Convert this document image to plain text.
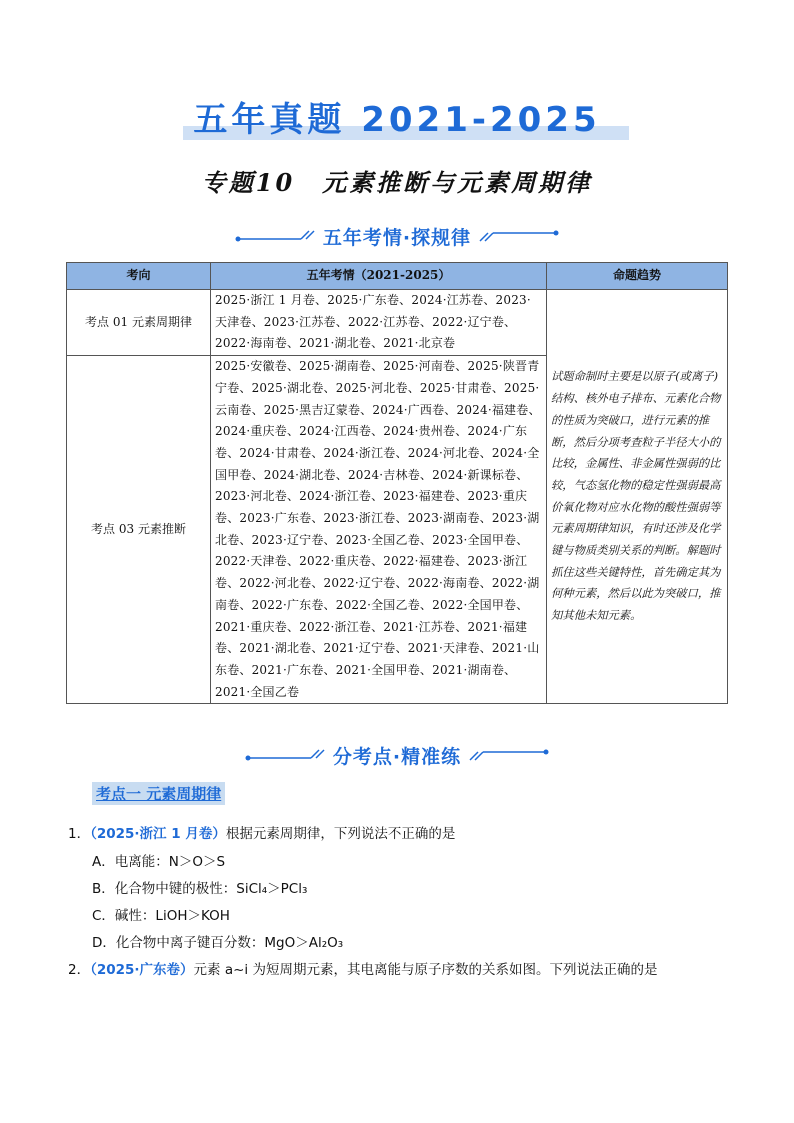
五年真题 2021-2025
专题10　元素推断与元素周期律
五年考情·探规律
考向	五年考情（2021-2025）	命题趋势
考点 01 元素周期律	2025·浙江 1 月卷、2025·广东卷、2024·江苏卷、2023·天津卷、2023·江苏卷、2022·江苏卷、2022·辽宁卷、2022·海南卷、2021·湖北卷、2021·北京卷	试题命制时主要是以原子(或离子)结构、核外电子排布、元素化合物的性质为突破口，进行元素的推断，然后分项考查粒子半径大小的比较，金属性、非金属性强弱的比较，气态氢化物的稳定性强弱最高价氧化物对应水化物的酸性强弱等元素周期律知识，有时还涉及化学键与物质类别关系的判断。解题时抓住这些关键特性，首先确定其为何种元素，然后以此为突破口，推知其他未知元素。
考点 03 元素推断	2025·安徽卷、2025·湖南卷、2025·河南卷、2025·陕晋青宁卷、2025·湖北卷、2025·河北卷、2025·甘肃卷、2025·云南卷、2025·黑吉辽蒙卷、2024·广西卷、2024·福建卷、2024·重庆卷、2024·江西卷、2024·贵州卷、2024·广东卷、2024·甘肃卷、2024·浙江卷、2024·河北卷、2024·全国甲卷、2024·湖北卷、2024·吉林卷、2024·新课标卷、2023·河北卷、2024·浙江卷、2023·福建卷、2023·重庆卷、2023·广东卷、2023·浙江卷、2023·湖南卷、2023·湖北卷、2023·辽宁卷、2023·全国乙卷、2023·全国甲卷、2022·天津卷、2022·重庆卷、2022·福建卷、2023·浙江卷、2022·河北卷、2022·辽宁卷、2022·海南卷、2022·湖南卷、2022·广东卷、2022·全国乙卷、2022·全国甲卷、2021·重庆卷、2022·浙江卷、2021·江苏卷、2021·福建卷、2021·湖北卷、2021·辽宁卷、2021·天津卷、2021·山东卷、2021·广东卷、2021·全国甲卷、2021·湖南卷、2021·全国乙卷	
分考点·精准练
考点一 元素周期律
1．（2025·浙江 1 月卷）根据元素周期律，下列说法不正确的是
A．电离能：N＞O＞S
B．化合物中键的极性：SiCl₄＞PCl₃
C．碱性：LiOH＞KOH
D．化合物中离子键百分数：MgO＞Al₂O₃
2．（2025·广东卷）元素 a~i 为短周期元素，其电离能与原子序数的关系如图。下列说法正确的是
